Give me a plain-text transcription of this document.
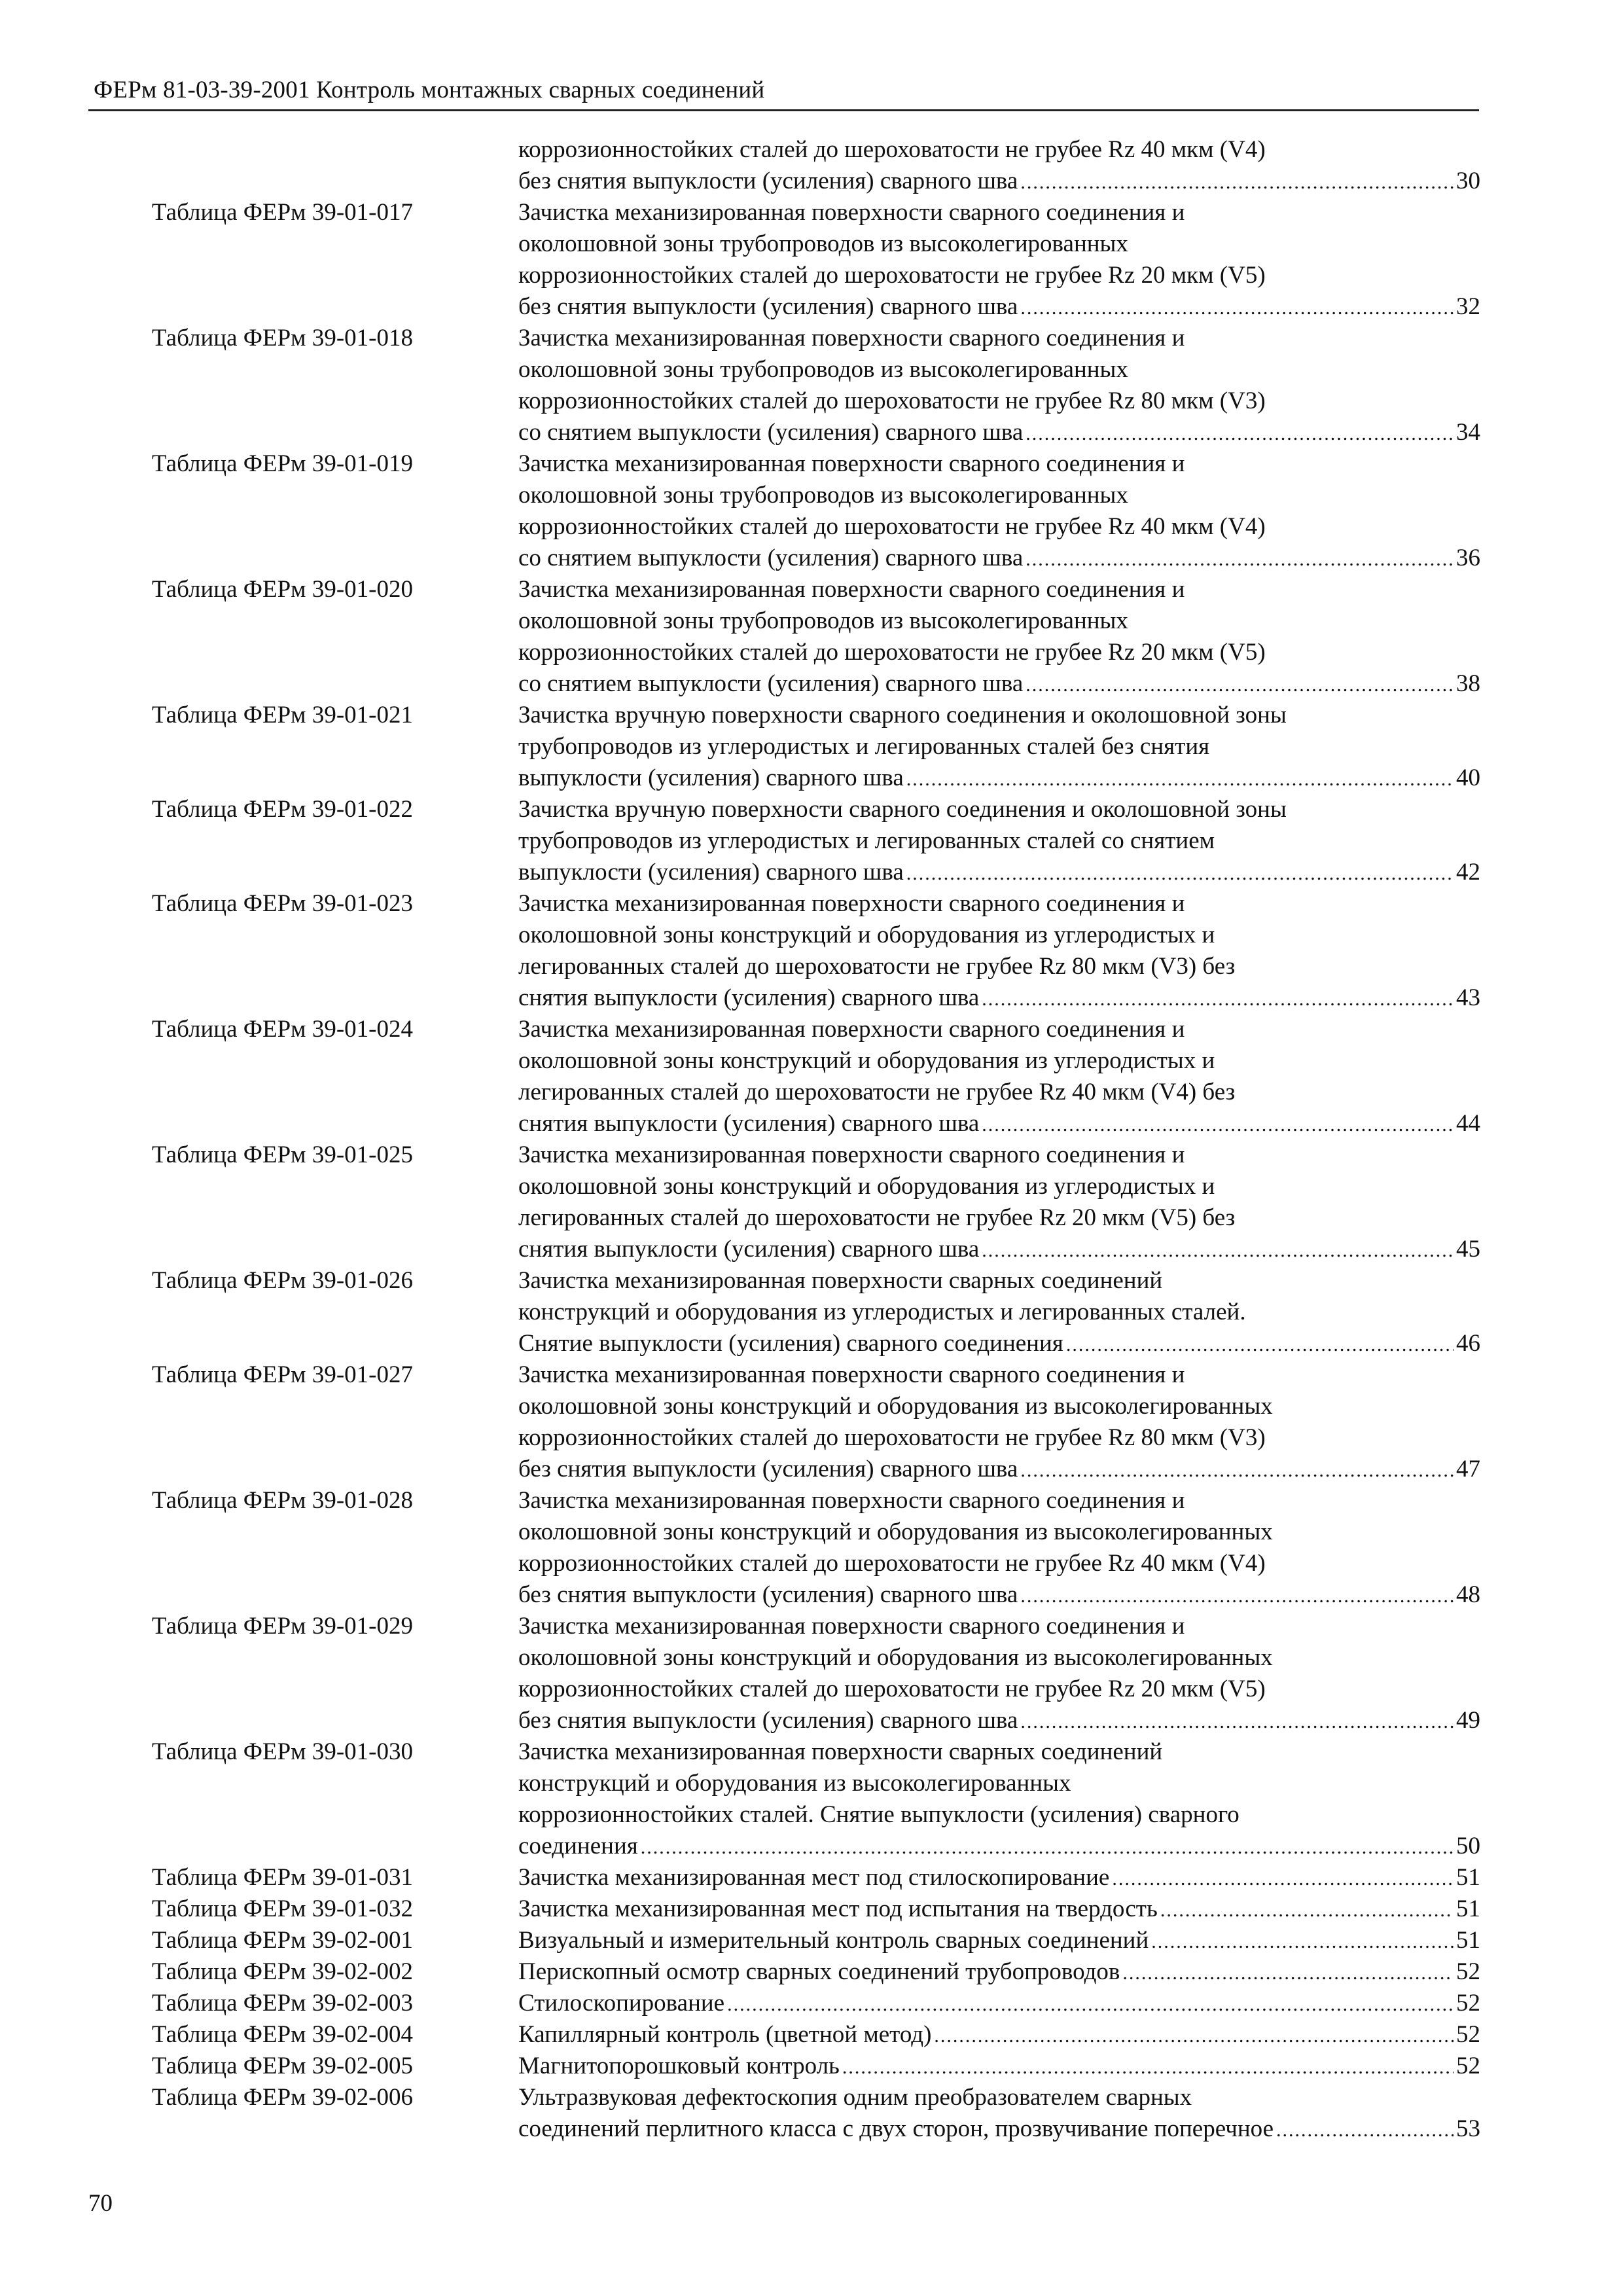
ФЕРм 81-03-39-2001 Контроль монтажных сварных соединений
коррозионностойких сталей до шероховатости не грубее Rz 40 мкм (V4)
без снятия выпуклости (усиления) сварного шва .....	30
Таблица ФЕРм 39-01-017	Зачистка механизированная поверхности сварного соединения и
околошовной зоны трубопроводов из высоколегированных
коррозионностойких сталей до шероховатости не грубее Rz 20 мкм (V5)
без снятия выпуклости (усиления) сварного шва .....	32
Таблица ФЕРм 39-01-018	Зачистка механизированная поверхности сварного соединения и
околошовной зоны трубопроводов из высоколегированных
коррозионностойких сталей до шероховатости не грубее Rz 80 мкм (V3)
со снятием выпуклости (усиления) сварного шва .....	34
Таблица ФЕРм 39-01-019	Зачистка механизированная поверхности сварного соединения и
околошовной зоны трубопроводов из высоколегированных
коррозионностойких сталей до шероховатости не грубее Rz 40 мкм (V4)
со снятием выпуклости (усиления) сварного шва .....	36
Таблица ФЕРм 39-01-020	Зачистка механизированная поверхности сварного соединения и
околошовной зоны трубопроводов из высоколегированных
коррозионностойких сталей до шероховатости не грубее Rz 20 мкм (V5)
со снятием выпуклости (усиления) сварного шва .....	38
Таблица ФЕРм 39-01-021	Зачистка вручную поверхности сварного соединения и околошовной зоны
трубопроводов из углеродистых и легированных сталей без снятия
выпуклости (усиления) сварного шва .....	40
Таблица ФЕРм 39-01-022	Зачистка вручную поверхности сварного соединения и околошовной зоны
трубопроводов из углеродистых и легированных сталей со снятием
выпуклости (усиления) сварного шва .....	42
Таблица ФЕРм 39-01-023	Зачистка механизированная поверхности сварного соединения и
околошовной зоны конструкций и оборудования из углеродистых и
легированных сталей до шероховатости не грубее Rz 80 мкм (V3) без
снятия выпуклости (усиления) сварного шва .....	43
Таблица ФЕРм 39-01-024	Зачистка механизированная поверхности сварного соединения и
околошовной зоны конструкций и оборудования из углеродистых и
легированных сталей до шероховатости не грубее Rz 40 мкм (V4) без
снятия выпуклости (усиления) сварного шва .....	44
Таблица ФЕРм 39-01-025	Зачистка механизированная поверхности сварного соединения и
околошовной зоны конструкций и оборудования из углеродистых и
легированных сталей до шероховатости не грубее Rz 20 мкм (V5) без
снятия выпуклости (усиления) сварного шва .....	45
Таблица ФЕРм 39-01-026	Зачистка механизированная поверхности сварных соединений
конструкций и оборудования из углеродистых и легированных сталей.
Снятие выпуклости (усиления) сварного соединения .....	46
Таблица ФЕРм 39-01-027	Зачистка механизированная поверхности сварного соединения и
околошовной зоны конструкций и оборудования из высоколегированных
коррозионностойких сталей до шероховатости не грубее Rz 80 мкм (V3)
без снятия выпуклости (усиления) сварного шва .....	47
Таблица ФЕРм 39-01-028	Зачистка механизированная поверхности сварного соединения и
околошовной зоны конструкций и оборудования из высоколегированных
коррозионностойких сталей до шероховатости не грубее Rz 40 мкм (V4)
без снятия выпуклости (усиления) сварного шва .....	48
Таблица ФЕРм 39-01-029	Зачистка механизированная поверхности сварного соединения и
околошовной зоны конструкций и оборудования из высоколегированных
коррозионностойких сталей до шероховатости не грубее Rz 20 мкм (V5)
без снятия выпуклости (усиления) сварного шва .....	49
Таблица ФЕРм 39-01-030	Зачистка механизированная поверхности сварных соединений
конструкций и оборудования из высоколегированных
коррозионностойких сталей. Снятие выпуклости (усиления) сварного
соединения .....	50
Таблица ФЕРм 39-01-031	Зачистка механизированная мест под стилоскопирование .....	51
Таблица ФЕРм 39-01-032	Зачистка механизированная мест под испытания на твердость .....	51
Таблица ФЕРм 39-02-001	Визуальный и измерительный контроль сварных соединений .....	51
Таблица ФЕРм 39-02-002	Перископный осмотр сварных соединений трубопроводов .....	52
Таблица ФЕРм 39-02-003	Стилоскопирование .....	52
Таблица ФЕРм 39-02-004	Капиллярный контроль (цветной метод) .....	52
Таблица ФЕРм 39-02-005	Магнитопорошковый контроль .....	52
Таблица ФЕРм 39-02-006	Ультразвуковая дефектоскопия одним преобразователем сварных
соединений перлитного класса с двух сторон, прозвучивание поперечное .....	53
70
